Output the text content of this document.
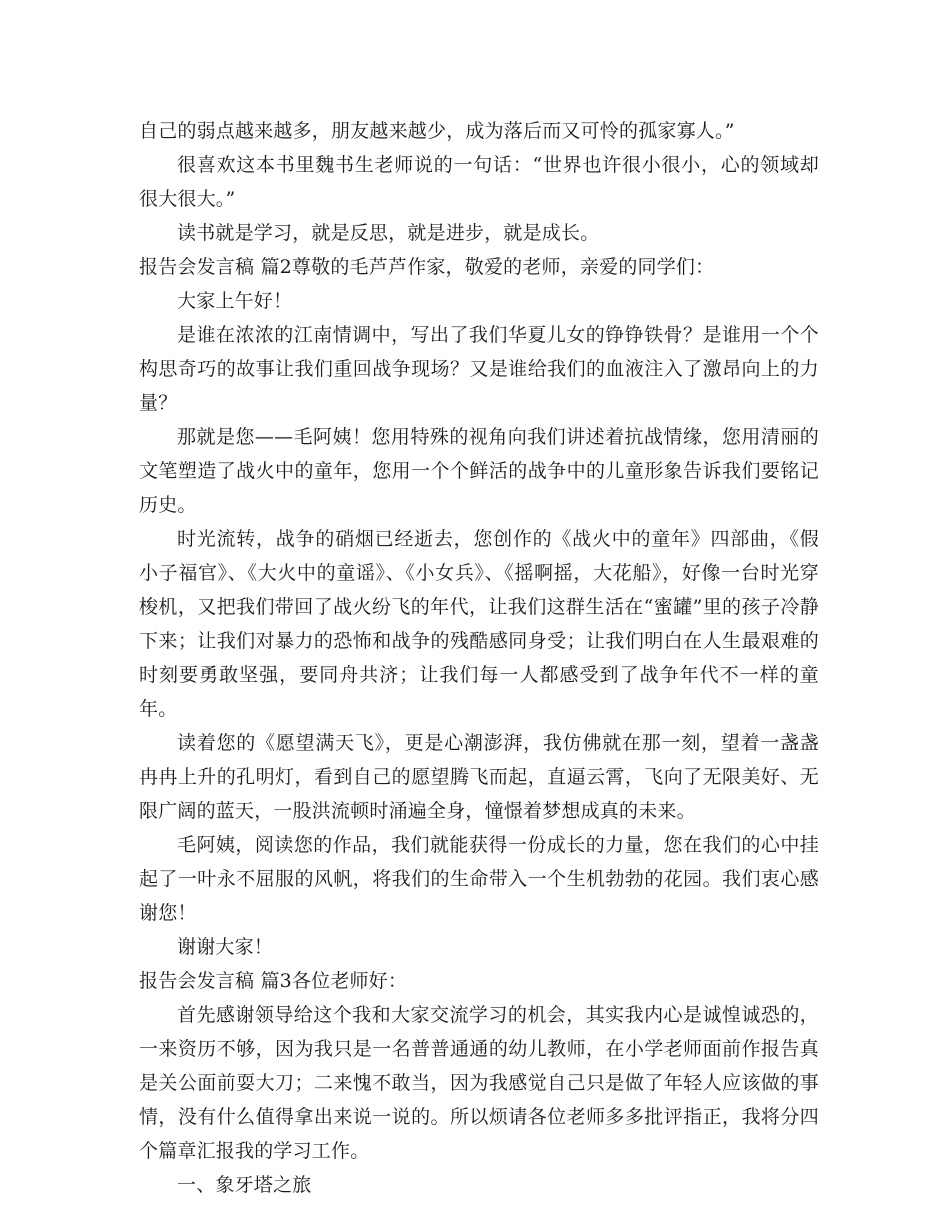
自己的弱点越来越多，朋友越来越少，成为落后而又可怜的孤家寡人。”

很喜欢这本书里魏书生老师说的一句话：“世界也许很小很小，心的领域却很大很大。”

读书就是学习，就是反思，就是进步，就是成长。

报告会发言稿 篇2尊敬的毛芦芦作家，敬爱的老师，亲爱的同学们：

大家上午好！

是谁在浓浓的江南情调中，写出了我们华夏儿女的铮铮铁骨？是谁用一个个构思奇巧的故事让我们重回战争现场？又是谁给我们的血液注入了激昂向上的力量？

那就是您——毛阿姨！您用特殊的视角向我们讲述着抗战情缘，您用清丽的文笔塑造了战火中的童年，您用一个个鲜活的战争中的儿童形象告诉我们要铭记历史。

时光流转，战争的硝烟已经逝去，您创作的《战火中的童年》四部曲，《假小子福官》、《大火中的童谣》、《小女兵》、《摇啊摇，大花船》，好像一台时光穿梭机，又把我们带回了战火纷飞的年代，让我们这群生活在“蜜罐”里的孩子冷静下来；让我们对暴力的恐怖和战争的残酷感同身受；让我们明白在人生最艰难的时刻要勇敢坚强，要同舟共济；让我们每一人都感受到了战争年代不一样的童年。

读着您的《愿望满天飞》，更是心潮澎湃，我仿佛就在那一刻，望着一盏盏冉冉上升的孔明灯，看到自己的愿望腾飞而起，直逼云霄，飞向了无限美好、无限广阔的蓝天，一股洪流顿时涌遍全身，憧憬着梦想成真的未来。

毛阿姨，阅读您的作品，我们就能获得一份成长的力量，您在我们的心中挂起了一叶永不屈服的风帆，将我们的生命带入一个生机勃勃的花园。我们衷心感谢您！

谢谢大家！

报告会发言稿 篇3各位老师好：

首先感谢领导给这个我和大家交流学习的机会，其实我内心是诚惶诚恐的，一来资历不够，因为我只是一名普普通通的幼儿教师，在小学老师面前作报告真是关公面前耍大刀；二来愧不敢当，因为我感觉自己只是做了年轻人应该做的事情，没有什么值得拿出来说一说的。所以烦请各位老师多多批评指正，我将分四个篇章汇报我的学习工作。

一、象牙塔之旅
